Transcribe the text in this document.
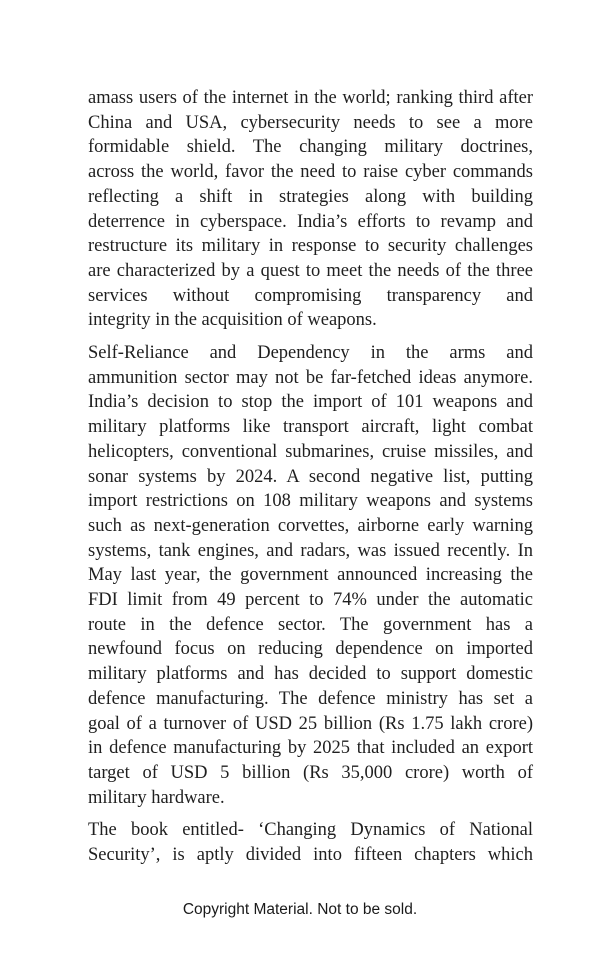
amass users of the internet in the world; ranking third after
China and USA, cybersecurity needs to see a more
formidable shield. The changing military doctrines,
across the world, favor the need to raise cyber commands
reflecting a shift in strategies along with building
deterrence in cyberspace. India’s efforts to revamp and
restructure its military in response to security challenges
are characterized by a quest to meet the needs of the three
services without compromising transparency and
integrity in the acquisition of weapons.
Self-Reliance and Dependency in the arms and
ammunition sector may not be far-fetched ideas anymore.
India’s decision to stop the import of 101 weapons and
military platforms like transport aircraft, light combat
helicopters, conventional submarines, cruise missiles, and
sonar systems by 2024. A second negative list, putting
import restrictions on 108 military weapons and systems
such as next-generation corvettes, airborne early warning
systems, tank engines, and radars, was issued recently. In
May last year, the government announced increasing the
FDI limit from 49 percent to 74% under the automatic
route in the defence sector. The government has a
newfound focus on reducing dependence on imported
military platforms and has decided to support domestic
defence manufacturing. The defence ministry has set a
goal of a turnover of USD 25 billion (Rs 1.75 lakh crore)
in defence manufacturing by 2025 that included an export
target of USD 5 billion (Rs 35,000 crore) worth of
military hardware.
The book entitled- ‘Changing Dynamics of National
Security’, is aptly divided into fifteen chapters which
Copyright Material. Not to be sold.
